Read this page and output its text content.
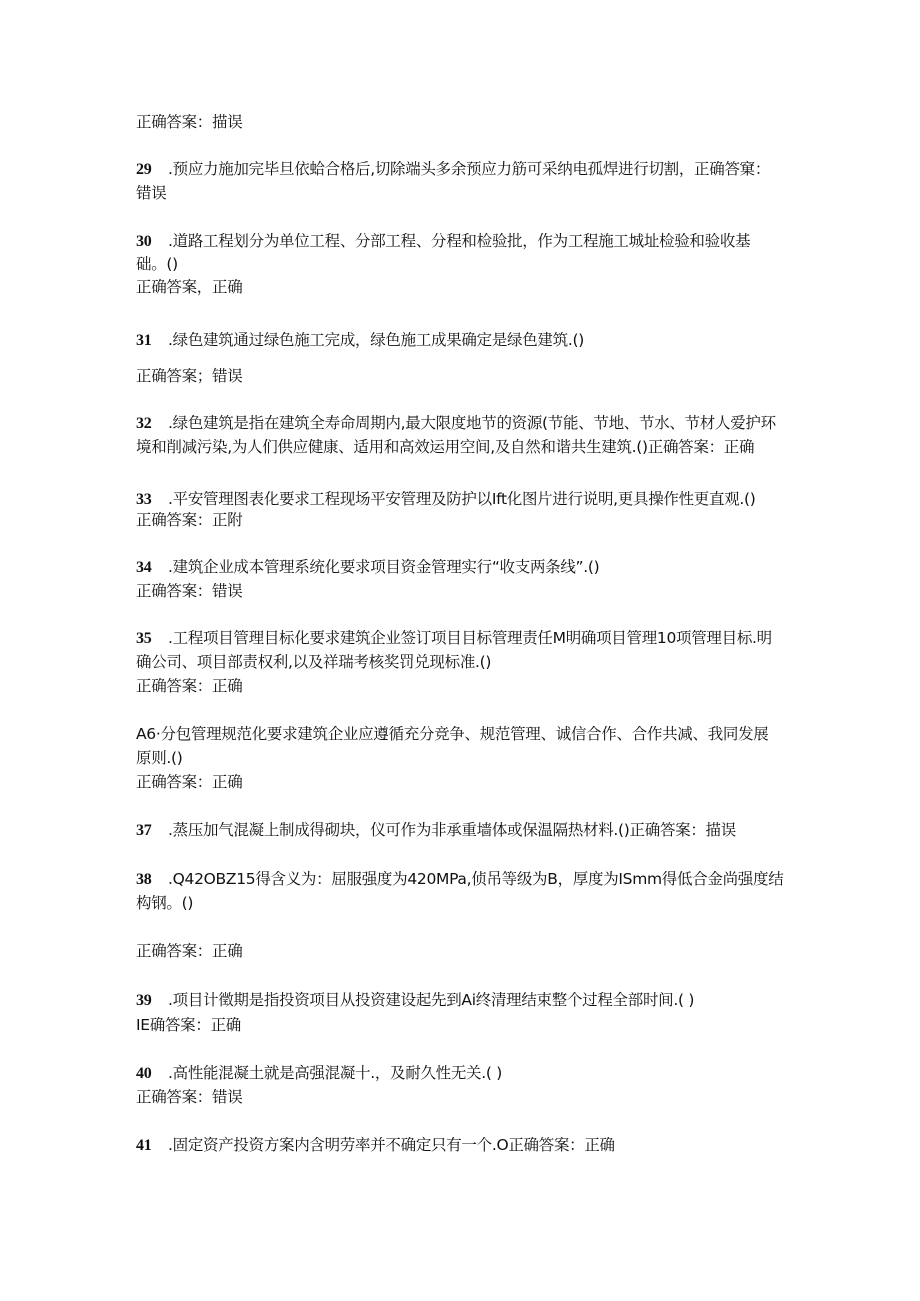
正确答案：描误
29 .预应力施加完毕旦依蛤合格后,切除端头多余预应力筋可采纳电孤焊进行切割，正确答窠：
错误
30 .道路工程划分为单位工程、分部工程、分程和检验批，作为工程施工城址检验和验收基
础。()
正确答案，正确
31 .绿色建筑通过绿色施工完成，绿色施工成果确定是绿色建筑.()
正确答案；错误
32 .绿色建筑是指在建筑全寿命周期内,最大限度地节的资源(节能、节地、节水、节材人爱护环
境和削减污染,为人们供应健康、适用和高效运用空间,及自然和谐共生建筑.()正确答案：正确
33 .平安管理图表化要求工程现场平安管理及防护以Ift化图片进行说明,更具操作性更直观.()
正确答案：正附
34 .建筑企业成本管理系统化要求项目资金管理实行“收支两条线”.()
正确答案：错误
35 .工程项目管理目标化要求建筑企业签订项目目标管理责任M明确项目管理10项管理目标.明
确公司、项目部责权利,以及祥瑞考核奖罚兑现标准.()
正确答案：正确
A6·分包管理规范化要求建筑企业应遵循充分竞争、规范管理、诚信合作、合作共减、我同发展
原则.()
正确答案：正确
37 .蒸压加气混凝上制成得砌块，仪可作为非承重墙体或保温隔热材料.()正确答案：描误
38 .Q42OBZ15得含义为：屈服强度为420MPa,侦吊等级为B，厚度为ISmm得低合金尚强度结
构钢。()
正确答案：正确
39 .项目计徵期是指投资项目从投资建设起先到Ai终清理结束整个过程全部时间.( )
IE确答案：正确
40 .高性能混凝土就是高强混凝十.，及耐久性无关.( )
正确答案：错误
41 .固定资产投资方案内含明劳率并不确定只有一个.O正确答案：正确
